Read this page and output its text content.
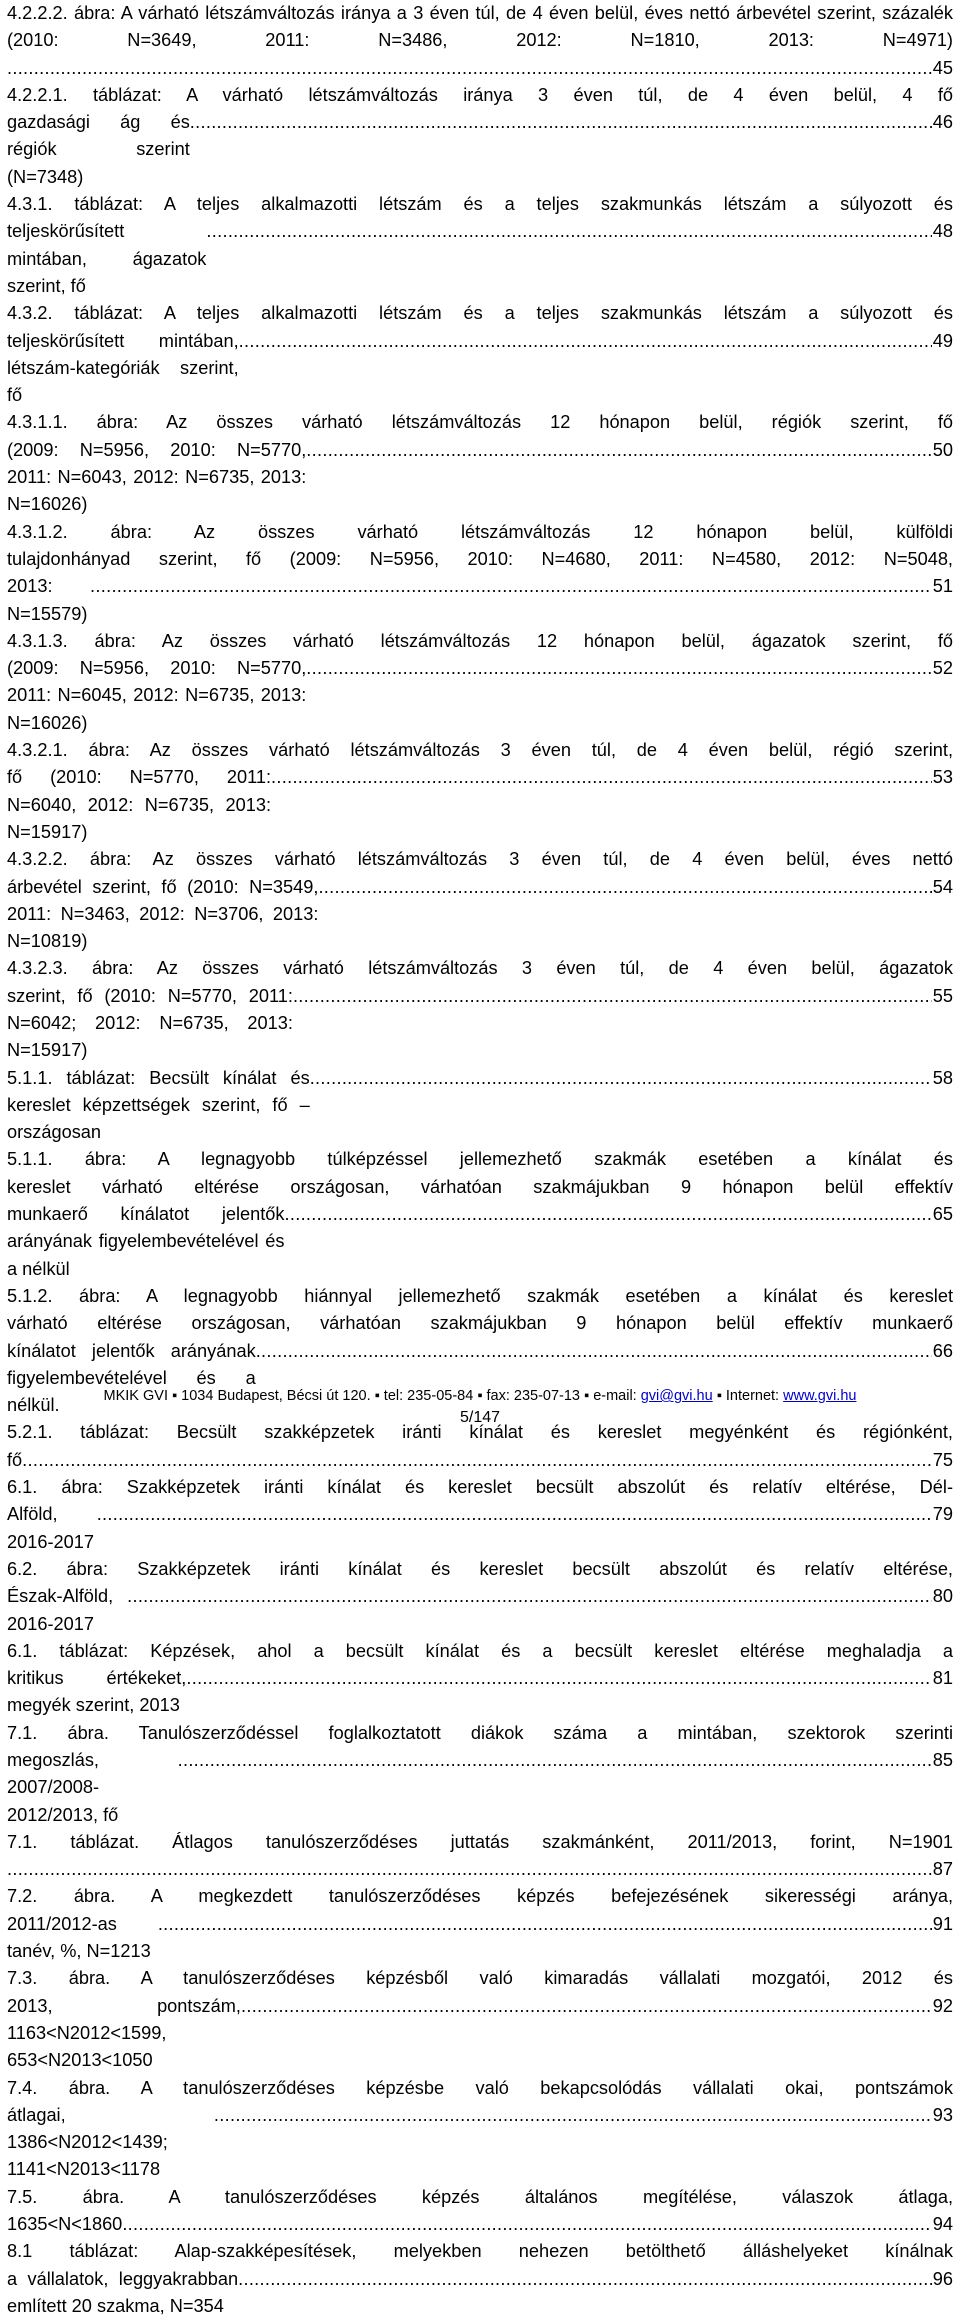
4.2.2.2. ábra: A várható létszámváltozás iránya a 3 éven túl, de 4 éven belül, éves nettó árbevétel szerint, százalék (2010: N=3649, 2011: N=3486, 2012: N=1810, 2013: N=4971)
.....
45
4.2.2.1. táblázat: A várható létszámváltozás iránya 3 éven túl, de 4 éven belül, 4 fő
gazdasági ág és régiók szerint (N=7348)
.....
46
4.3.1. táblázat: A teljes alkalmazotti létszám és a teljes szakmunkás létszám a súlyozott és
teljeskörűsített mintában, ágazatok szerint, fő
.....
48
4.3.2. táblázat: A teljes alkalmazotti létszám és a teljes szakmunkás létszám a súlyozott és
teljeskörűsített mintában, létszám-kategóriák szerint, fő
.....
49
4.3.1.1. ábra: Az összes várható létszámváltozás 12 hónapon belül, régiók szerint, fő
(2009: N=5956, 2010: N=5770, 2011: N=6043, 2012: N=6735, 2013: N=16026)
.....
50
4.3.1.2. ábra: Az összes várható létszámváltozás 12 hónapon belül, külföldi
tulajdonhányad szerint, fő (2009: N=5956, 2010: N=4680, 2011: N=4580, 2012: N=5048,
2013: N=15579)
.....
51
4.3.1.3. ábra: Az összes várható létszámváltozás 12 hónapon belül, ágazatok szerint, fő
(2009: N=5956, 2010: N=5770, 2011: N=6045, 2012: N=6735, 2013: N=16026)
.....
52
4.3.2.1. ábra: Az összes várható létszámváltozás 3 éven túl, de 4 éven belül, régió szerint,
fő (2010: N=5770, 2011: N=6040, 2012: N=6735, 2013: N=15917)
.....
53
4.3.2.2. ábra: Az összes várható létszámváltozás 3 éven túl, de 4 éven belül, éves nettó
árbevétel szerint, fő (2010: N=3549, 2011: N=3463, 2012: N=3706, 2013: N=10819)
.....
54
4.3.2.3. ábra: Az összes várható létszámváltozás 3 éven túl, de 4 éven belül, ágazatok
szerint, fő (2010: N=5770, 2011: N=6042; 2012: N=6735, 2013: N=15917)
.....
55
5.1.1. táblázat: Becsült kínálat és kereslet képzettségek szerint, fő – országosan
.....
58
5.1.1. ábra: A legnagyobb túlképzéssel jellemezhető szakmák esetében a kínálat és
kereslet várható eltérése országosan, várhatóan szakmájukban 9 hónapon belül effektív
munkaerő kínálatot jelentők arányának figyelembevételével és a nélkül
.....
65
5.1.2. ábra: A legnagyobb hiánnyal jellemezhető szakmák esetében a kínálat és kereslet
várható eltérése országosan, várhatóan szakmájukban 9 hónapon belül effektív munkaerő
kínálatot jelentők arányának figyelembevételével és a nélkül.
.....
66
5.2.1. táblázat: Becsült szakképzetek iránti kínálat és kereslet megyénként és régiónként,
fő .....	75
6.1. ábra: Szakképzetek iránti kínálat és kereslet becsült abszolút és relatív eltérése, Dél-
Alföld, 2016-2017
.....
79
6.2. ábra: Szakképzetek iránti kínálat és kereslet becsült abszolút és relatív eltérése,
Észak-Alföld, 2016-2017
.....
80
6.1. táblázat: Képzések, ahol a becsült kínálat és a becsült kereslet eltérése meghaladja a
kritikus értékeket, megyék szerint, 2013
.....
81
7.1. ábra. Tanulószerződéssel foglalkoztatott diákok száma a mintában, szektorok szerinti
megoszlás, 2007/2008-2012/2013, fő
.....
85
7.1. táblázat. Átlagos tanulószerződéses juttatás szakmánként, 2011/2013, forint, N=1901
.....
87
7.2. ábra. A megkezdett tanulószerződéses képzés befejezésének sikerességi aránya,
2011/2012-as tanév, %, N=1213
.....
91
7.3. ábra. A tanulószerződéses képzésből való kimaradás vállalati mozgatói, 2012 és
2013, pontszám, 1163<N2012<1599, 653<N2013<1050
.....
92
7.4. ábra. A tanulószerződéses képzésbe való bekapcsolódás vállalati okai, pontszámok
átlagai, 1386<N2012<1439; 1141<N2013<1178
.....
93
7.5. ábra. A tanulószerződéses képzés általános megítélése, válaszok átlaga,
1635<N<1860 .....	94
8.1 táblázat: Alap-szakképesítések, melyekben nehezen betölthető álláshelyeket kínálnak
a vállalatok, leggyakrabban említett 20 szakma, N=354
.....
96
MKIK GVI ▪ 1034 Budapest, Bécsi út 120. ▪ tel: 235-05-84 ▪ fax: 235-07-13 ▪ e-mail: gvi@gvi.hu ▪ Internet: www.gvi.hu
5/147
